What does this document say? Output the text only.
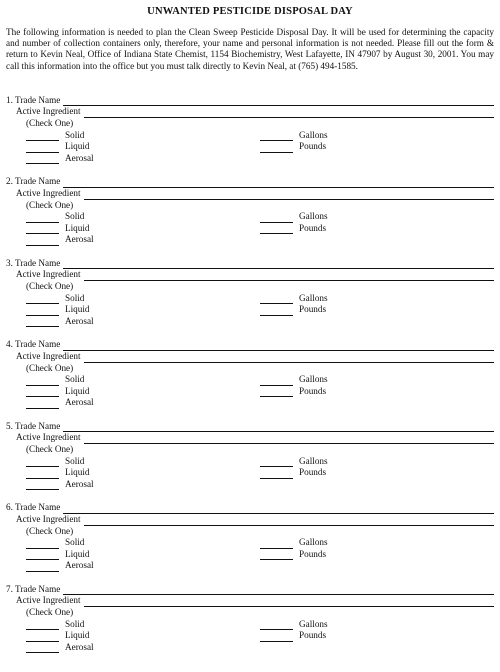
UNWANTED PESTICIDE DISPOSAL DAY

The following information is needed to plan the Clean Sweep Pesticide Disposal Day. It will be used for determining the capacity and number of collection containers only, therefore, your name and personal information is not needed. Please fill out the form & return to Kevin Neal, Office of Indiana State Chemist, 1154 Biochemistry, West Lafayette, IN 47907 by August 30, 2001. You may call this information into the office but you must talk directly to Kevin Neal, at (765) 494-1585.

1. Trade Name
Active Ingredient
(Check One)
Solid
Liquid
Aerosal
Gallons
Pounds
2. Trade Name
Active Ingredient
(Check One)
Solid
Liquid
Aerosal
Gallons
Pounds
3. Trade Name
Active Ingredient
(Check One)
Solid
Liquid
Aerosal
Gallons
Pounds
4. Trade Name
Active Ingredient
(Check One)
Solid
Liquid
Aerosal
Gallons
Pounds
5. Trade Name
Active Ingredient
(Check One)
Solid
Liquid
Aerosal
Gallons
Pounds
6. Trade Name
Active Ingredient
(Check One)
Solid
Liquid
Aerosal
Gallons
Pounds
7. Trade Name
Active Ingredient
(Check One)
Solid
Liquid
Aerosal
Gallons
Pounds
